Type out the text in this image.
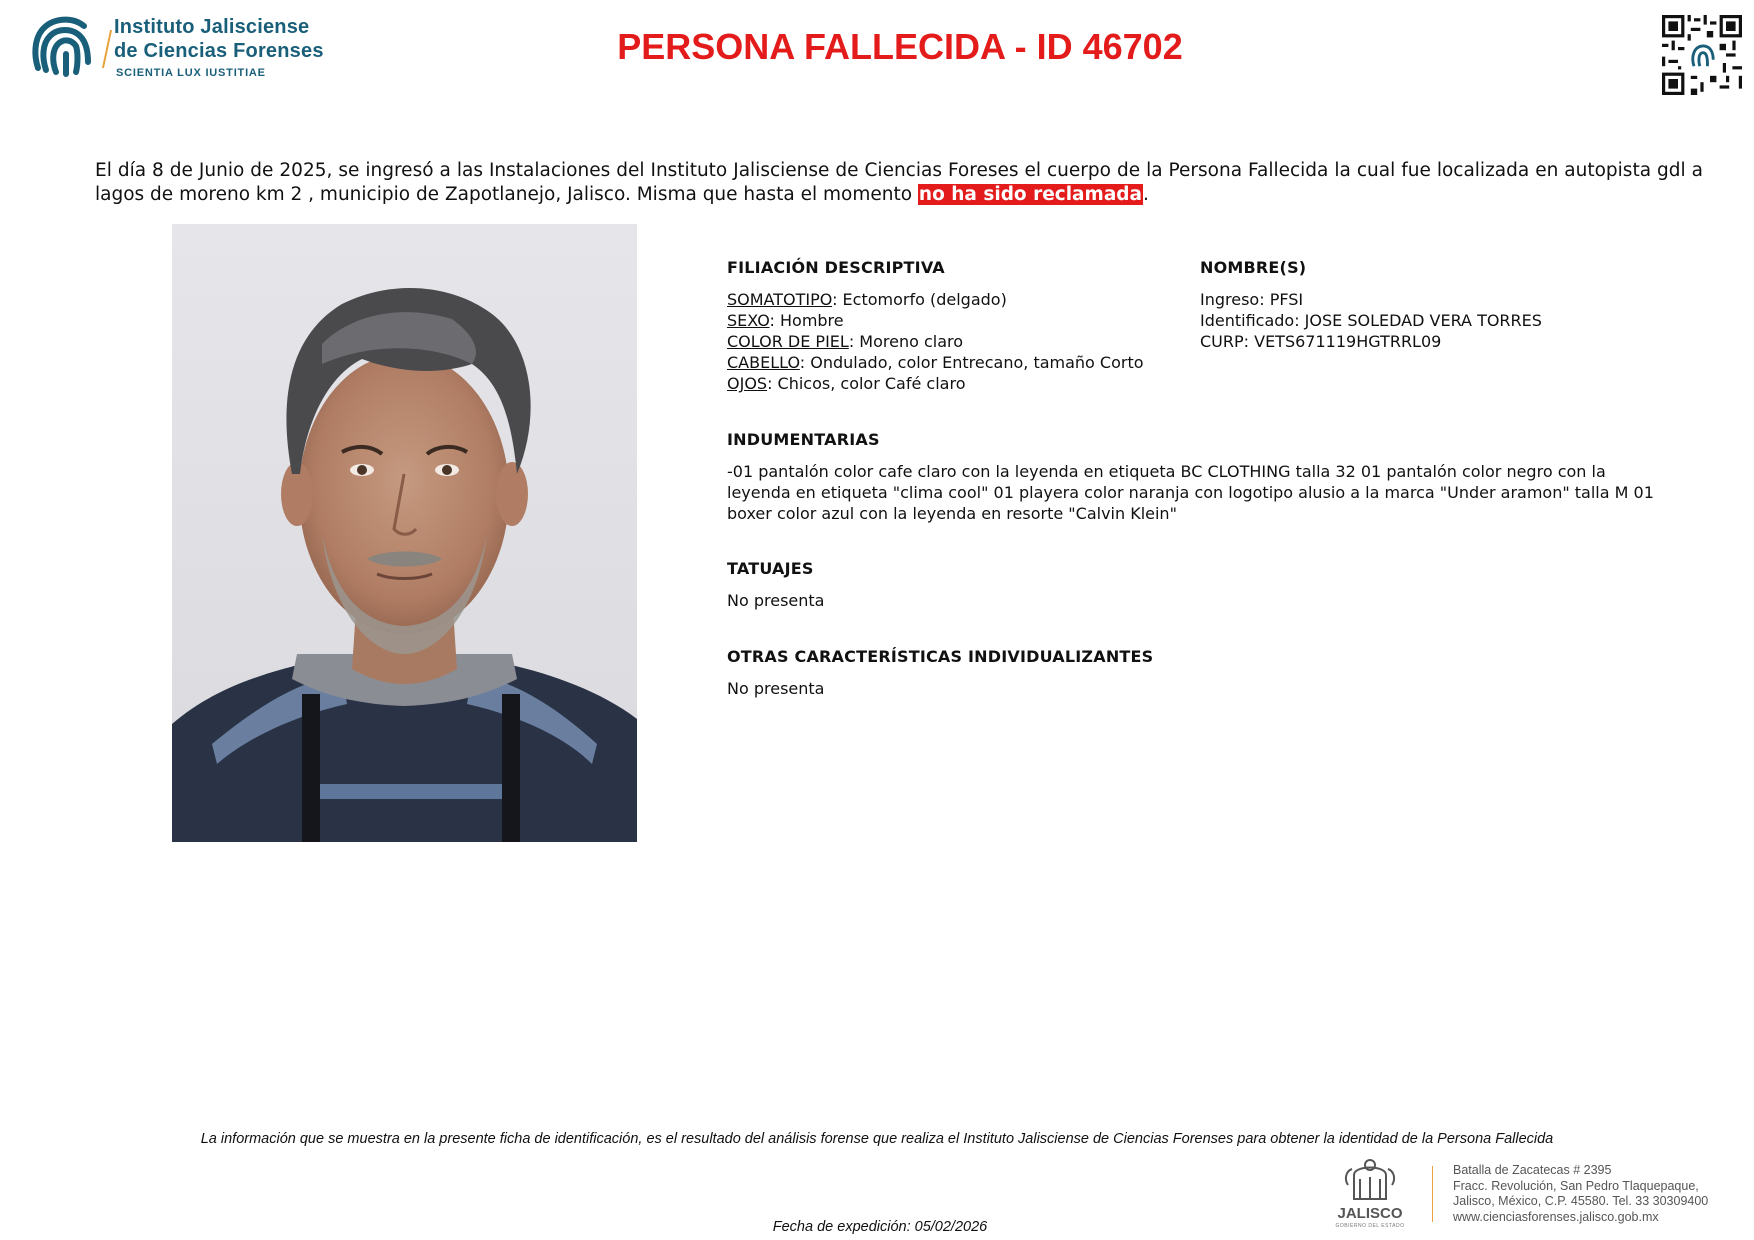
Instituto Jalisciense
de Ciencias Forenses
SCIENTIA LUX IUSTITIAE
PERSONA FALLECIDA - ID 46702
El día 8 de Junio de 2025, se ingresó a las Instalaciones del Instituto Jalisciense de Ciencias Foreses el cuerpo de la Persona Fallecida la cual fue localizada en autopista gdl a lagos de moreno km 2 , municipio de Zapotlanejo, Jalisco. Misma que hasta el momento no ha sido reclamada.
FILIACIÓN DESCRIPTIVA
SOMATOTIPO: Ectomorfo (delgado)
SEXO: Hombre
COLOR DE PIEL: Moreno claro
CABELLO: Ondulado, color Entrecano, tamaño Corto
OJOS: Chicos, color Café claro
NOMBRE(S)
Ingreso: PFSI
Identificado: JOSE SOLEDAD VERA TORRES
CURP: VETS671119HGTRRL09
INDUMENTARIAS
-01 pantalón color cafe claro con la leyenda en etiqueta BC CLOTHING talla 32 01 pantalón color negro con la leyenda en etiqueta "clima cool" 01 playera color naranja con logotipo alusio a la marca "Under aramon" talla M 01 boxer color azul con la leyenda en resorte "Calvin Klein"
TATUAJES
No presenta
OTRAS CARACTERÍSTICAS INDIVIDUALIZANTES
No presenta
La información que se muestra en la presente ficha de identificación, es el resultado del análisis forense que realiza el Instituto Jalisciense de Ciencias Forenses para obtener la identidad de la Persona Fallecida
JALISCO
GOBIERNO DEL ESTADO
Batalla de Zacatecas # 2395
Fracc. Revolución, San Pedro Tlaquepaque,
Jalisco, México, C.P. 45580. Tel. 33 30309400
www.cienciasforenses.jalisco.gob.mx
Fecha de expedición: 05/02/2026
